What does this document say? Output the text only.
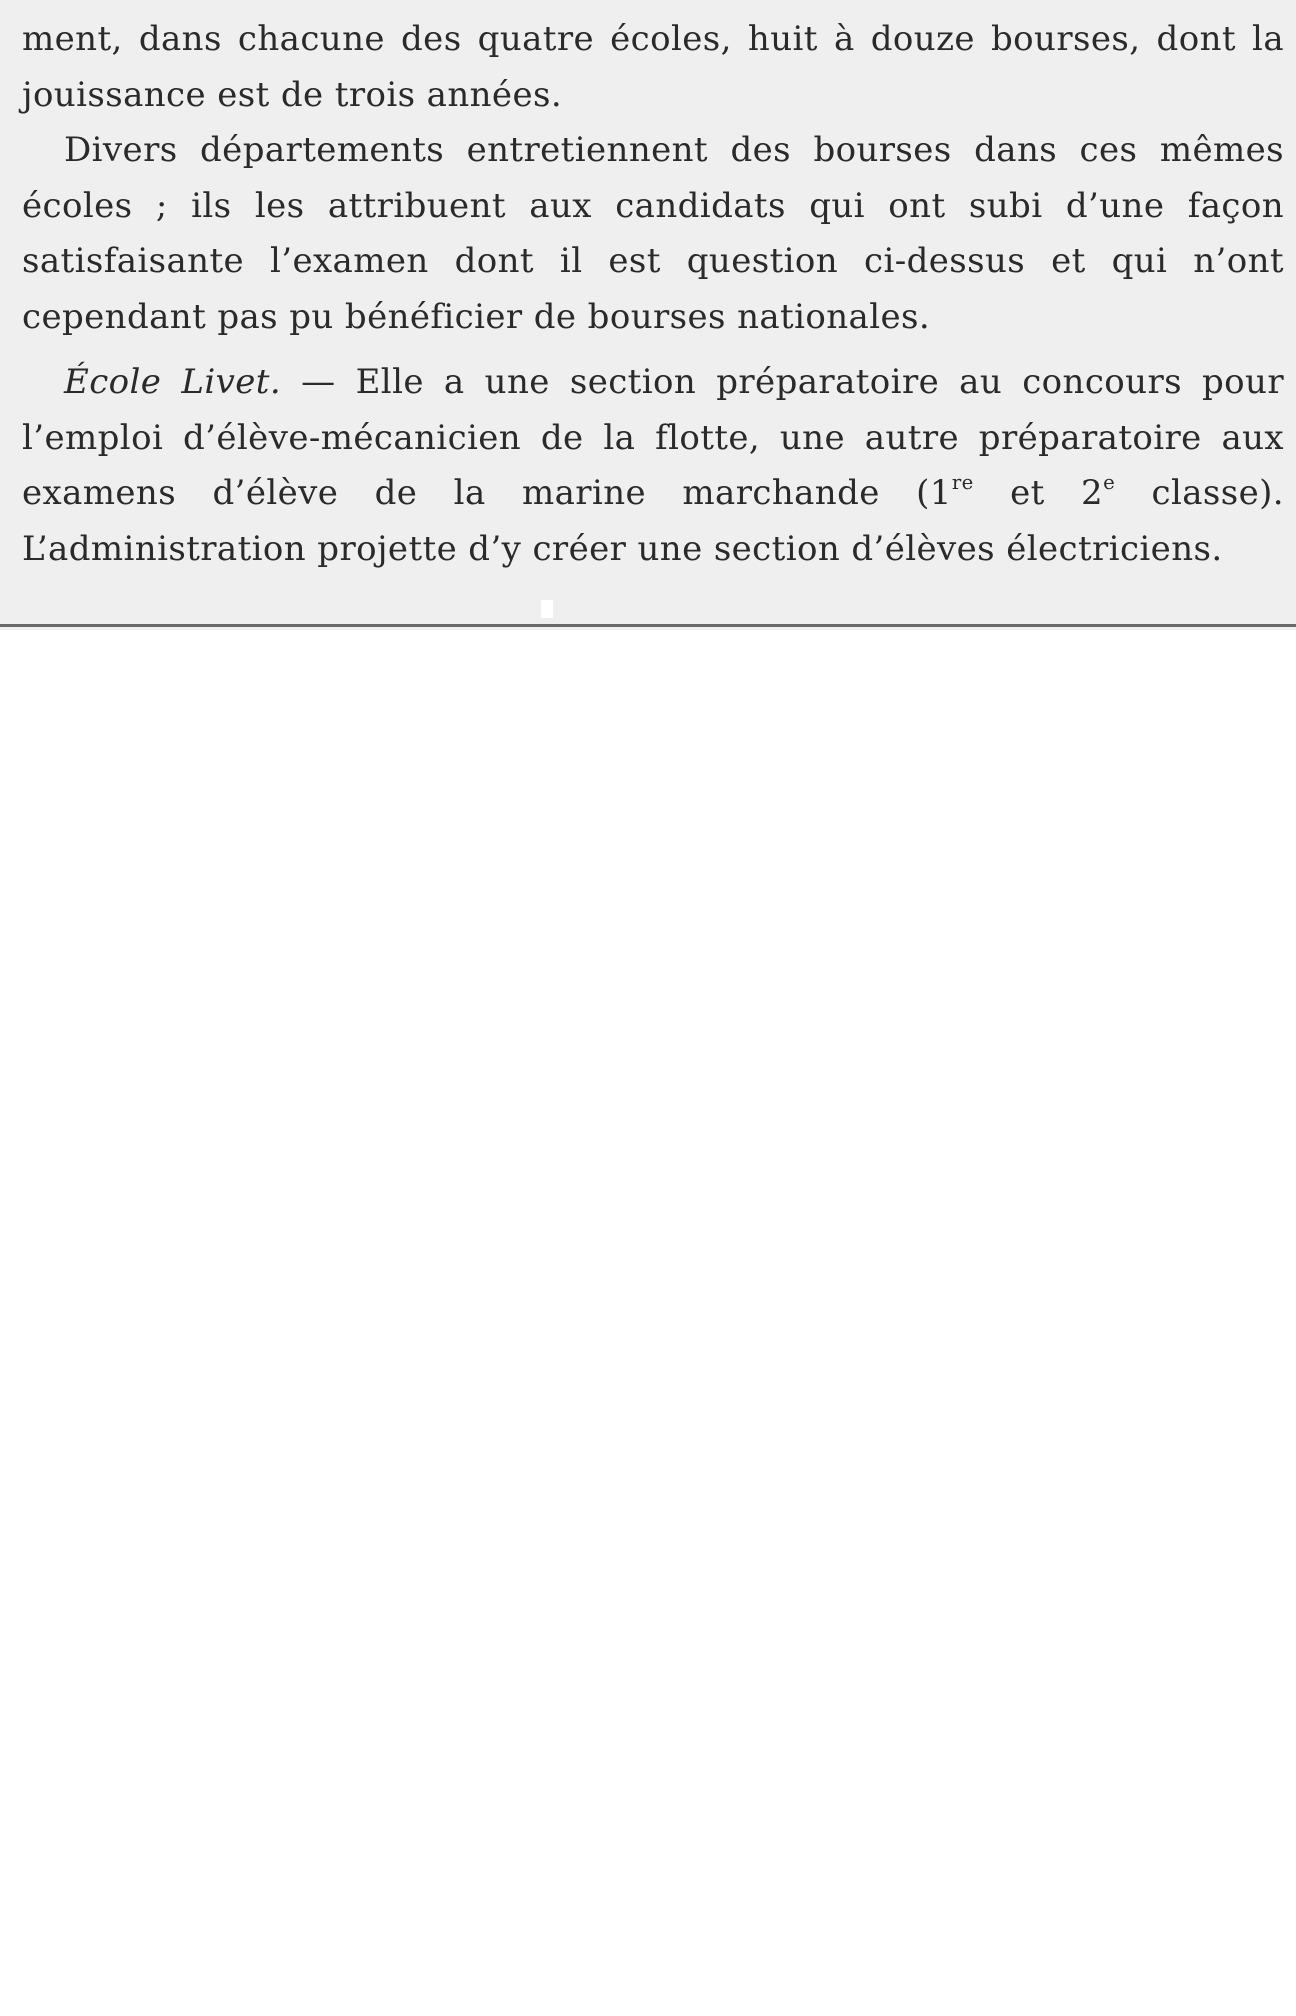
ment, dans chacune des quatre écoles, huit à douze bourses, dont la jouissance est de trois années.

Divers départements entretiennent des bourses dans ces mêmes écoles ; ils les attribuent aux candidats qui ont subi d’une façon satisfaisante l’examen dont il est question ci-dessus et qui n’ont cependant pas pu bénéficier de bourses nationales.

École Livet. — Elle a une section préparatoire au concours pour l’emploi d’élève-mécanicien de la flotte, une autre préparatoire aux examens d’élève de la marine marchande (1re et 2e classe). L’administration projette d’y créer une section d’élèves électriciens.
